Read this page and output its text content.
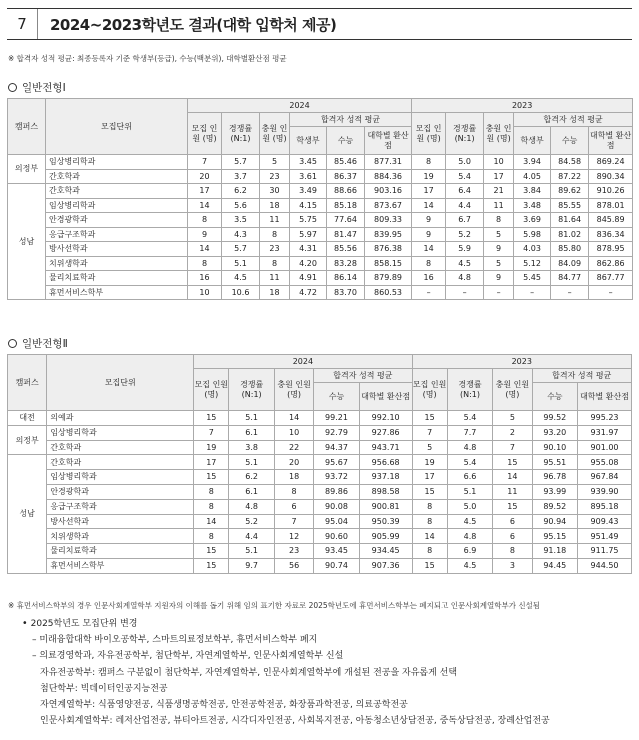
7	2024~2023학년도 결과(대학 입학처 제공)
※ 합격자 성적 평균: 최종등록자 기준 학생부(등급), 수능(백분위), 대학별환산점 평균
일반전형Ⅰ
캠퍼스	모집단위	2024						2023					
		모집 인원 (명)	경쟁률 (N:1)	충원 인원 (명)	합격자 성적 평균			모집 인원 (명)	경쟁률 (N:1)	충원 인원 (명)	합격자 성적 평균		
					학생부	수능	대학별 환산점				학생부	수능	대학별 환산점
의정부	임상병리학과	7	5.7	5	3.45	85.46	877.31	8	5.0	10	3.94	84.58	869.24
	간호학과	20	3.7	23	3.61	86.37	884.36	19	5.4	17	4.05	87.22	890.34
성남	간호학과	17	6.2	30	3.49	88.66	903.16	17	6.4	21	3.84	89.62	910.26
	임상병리학과	14	5.6	18	4.15	85.18	873.67	14	4.4	11	3.48	85.55	878.01
	안경광학과	8	3.5	11	5.75	77.64	809.33	9	6.7	8	3.69	81.64	845.89
	응급구조학과	9	4.3	8	5.97	81.47	839.95	9	5.2	5	5.98	81.02	836.34
	방사선학과	14	5.7	23	4.31	85.56	876.38	14	5.9	9	4.03	85.80	878.95
	치위생학과	8	5.1	8	4.20	83.28	858.15	8	4.5	5	5.12	84.09	862.86
	물리치료학과	16	4.5	11	4.91	86.14	879.89	16	4.8	9	5.45	84.77	867.77
	휴먼서비스학부	10	10.6	18	4.72	83.70	860.53	–	–	–	–	–	–
일반전형Ⅱ
캠퍼스	모집단위	2024					2023				
		모집 인원 (명)	경쟁률 (N:1)	충원 인원 (명)	합격자 성적 평균		모집 인원 (명)	경쟁률 (N:1)	충원 인원 (명)	합격자 성적 평균	
					수능	대학별 환산점				수능	대학별 환산점
대전	의예과	15	5.1	14	99.21	992.10	15	5.4	5	99.52	995.23
의정부	임상병리학과	7	6.1	10	92.79	927.86	7	7.7	2	93.20	931.97
	간호학과	19	3.8	22	94.37	943.71	5	4.8	7	90.10	901.00
성남	간호학과	17	5.1	20	95.67	956.68	19	5.4	15	95.51	955.08
	임상병리학과	15	6.2	18	93.72	937.18	17	6.6	14	96.78	967.84
	안경광학과	8	6.1	8	89.86	898.58	15	5.1	11	93.99	939.90
	응급구조학과	8	4.8	6	90.08	900.81	8	5.0	15	89.52	895.18
	방사선학과	14	5.2	7	95.04	950.39	8	4.5	6	90.94	909.43
	치위생학과	8	4.4	12	90.60	905.99	14	4.8	6	95.15	951.49
	물리치료학과	15	5.1	23	93.45	934.45	8	6.9	8	91.18	911.75
	휴먼서비스학부	15	9.7	56	90.74	907.36	15	4.5	3	94.45	944.50
※ 휴먼서비스학부의 경우 인문사회계열학부 지원자의 이해를 돕기 위해 임의 표기한 자료로 2025학년도에 휴먼서비스학부는 폐지되고 인문사회계열학부가 신설됨
• 2025학년도 모집단위 변경
– 미래융합대학 바이오공학부, 스마트의료정보학부, 휴먼서비스학부 폐지
– 의료경영학과, 자유전공학부, 첨단학부, 자연계열학부, 인문사회계열학부 신설
자유전공학부: 캠퍼스 구분없이 첨단학부, 자연계열학부, 인문사회계열학부에 개설된 전공을 자유롭게 선택
첨단학부: 빅데이터인공지능전공
자연계열학부: 식품영양전공, 식품생명공학전공, 안전공학전공, 화장품과학전공, 의료공학전공
인문사회계열학부: 레저산업전공, 뷰티아트전공, 시각디자인전공, 사회복지전공, 아동청소년상담전공, 중독상담전공, 장례산업전공
